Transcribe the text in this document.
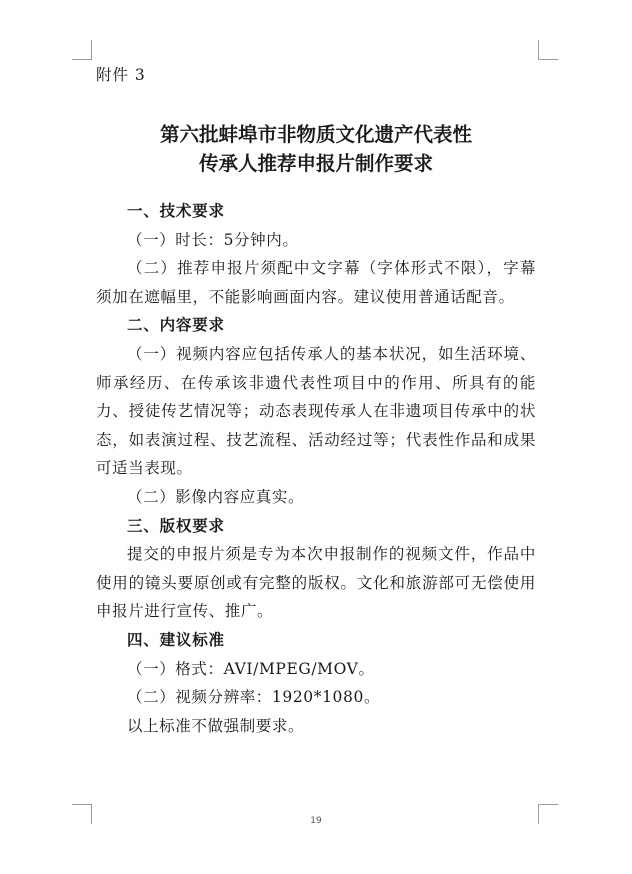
附件 3
第六批蚌埠市非物质文化遗产代表性
传承人推荐申报片制作要求

一、技术要求

（一）时长：5分钟内。

（二）推荐申报片须配中文字幕（字体形式不限），字幕须加在遮幅里，不能影响画面内容。建议使用普通话配音。

二、内容要求

（一）视频内容应包括传承人的基本状况，如生活环境、师承经历、在传承该非遗代表性项目中的作用、所具有的能力、授徒传艺情况等；动态表现传承人在非遗项目传承中的状态，如表演过程、技艺流程、活动经过等；代表性作品和成果可适当表现。

（二）影像内容应真实。

三、版权要求

提交的申报片须是专为本次申报制作的视频文件，作品中使用的镜头要原创或有完整的版权。文化和旅游部可无偿使用申报片进行宣传、推广。

四、建议标准

（一）格式：AVI/MPEG/MOV。

（二）视频分辨率：1920*1080。

以上标准不做强制要求。

19
